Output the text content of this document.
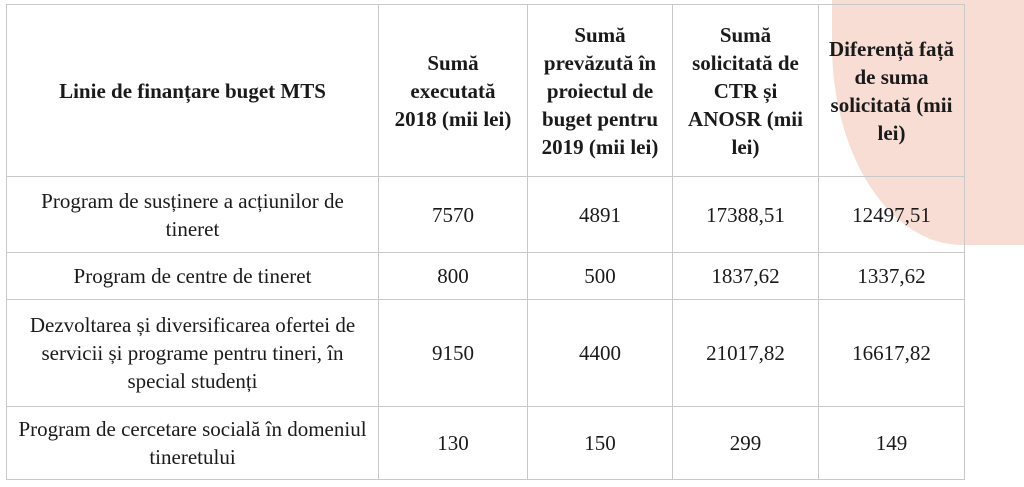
Linie de finanțare buget MTS	Sumă executată 2018 (mii lei)	Sumă prevăzută în proiectul de buget pentru 2019 (mii lei)	Sumă solicitată de CTR și ANOSR (mii lei)	Diferență față de suma solicitată (mii lei)
Program de susținere a acțiunilor de tineret	7570	4891	17388,51	12497,51
Program de centre de tineret	800	500	1837,62	1337,62
Dezvoltarea și diversificarea ofertei de servicii și programe pentru tineri, în special studenți	9150	4400	21017,82	16617,82
Program de cercetare socială în domeniul tineretului	130	150	299	149
